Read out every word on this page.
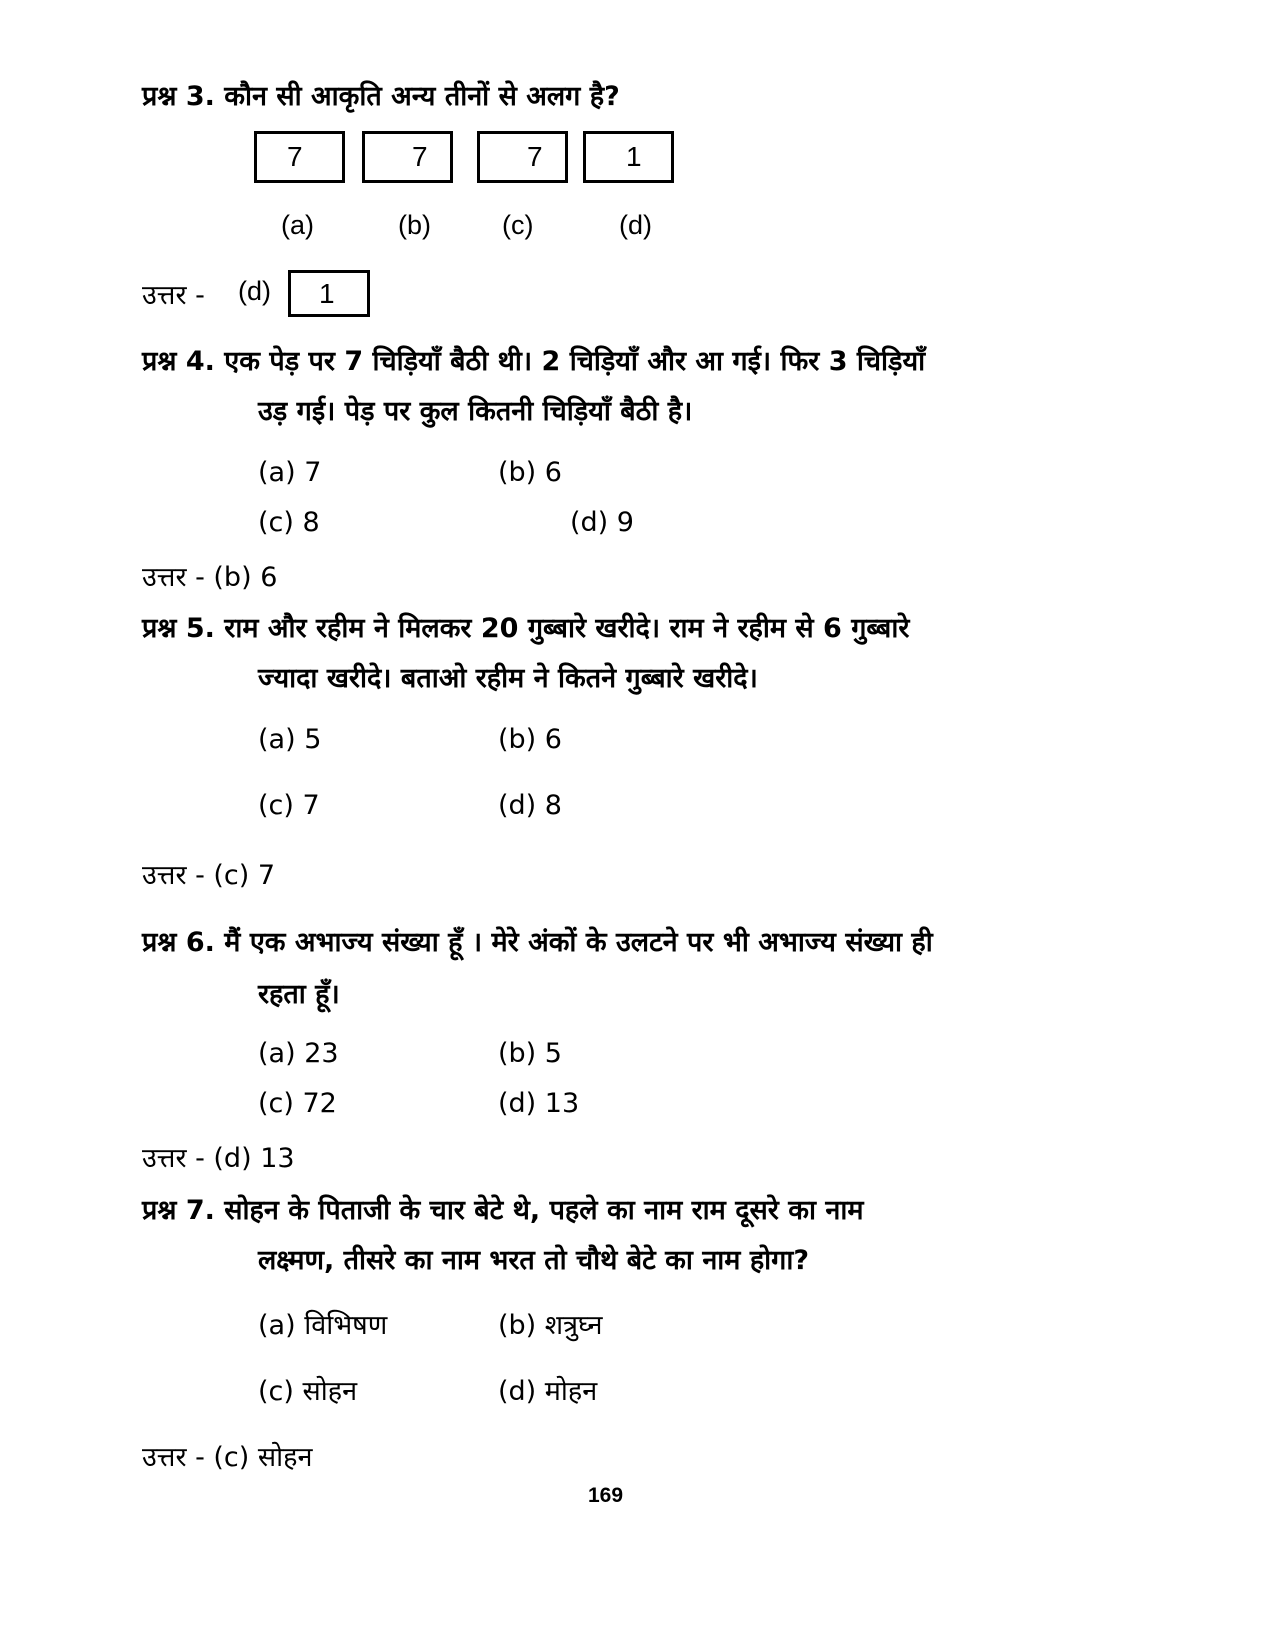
प्रश्न 3. कौन सी आकृति अन्य तीनों से अलग है?
7	7	7	1
(a)	(b)	(c)	(d)
उत्तर - (d) 1
प्रश्न 4. एक पेड़ पर 7 चिड़ियाँ बैठी थी। 2 चिड़ियाँ और आ गई। फिर 3 चिड़ियाँ
उड़ गई। पेड़ पर कुल कितनी चिड़ियाँ बैठी है।
(a) 7	(b) 6
(c) 8	(d) 9
उत्तर - (b) 6
प्रश्न 5. राम और रहीम ने मिलकर 20 गुब्बारे खरीदे। राम ने रहीम से 6 गुब्बारे
ज्यादा खरीदे। बताओ रहीम ने कितने गुब्बारे खरीदे।
(a) 5	(b) 6
(c) 7	(d) 8
उत्तर - (c) 7
प्रश्न 6. मैं एक अभाज्य संख्या हूँ । मेरे अंकों के उलटने पर भी अभाज्य संख्या ही
रहता हूँ।
(a) 23	(b) 5
(c) 72	(d) 13
उत्तर - (d) 13
प्रश्न 7. सोहन के पिताजी के चार बेटे थे, पहले का नाम राम दूसरे का नाम
लक्ष्मण, तीसरे का नाम भरत तो चौथे बेटे का नाम होगा?
(a) विभिषण	(b) शत्रुघ्न
(c) सोहन	(d) मोहन
उत्तर - (c) सोहन
169
